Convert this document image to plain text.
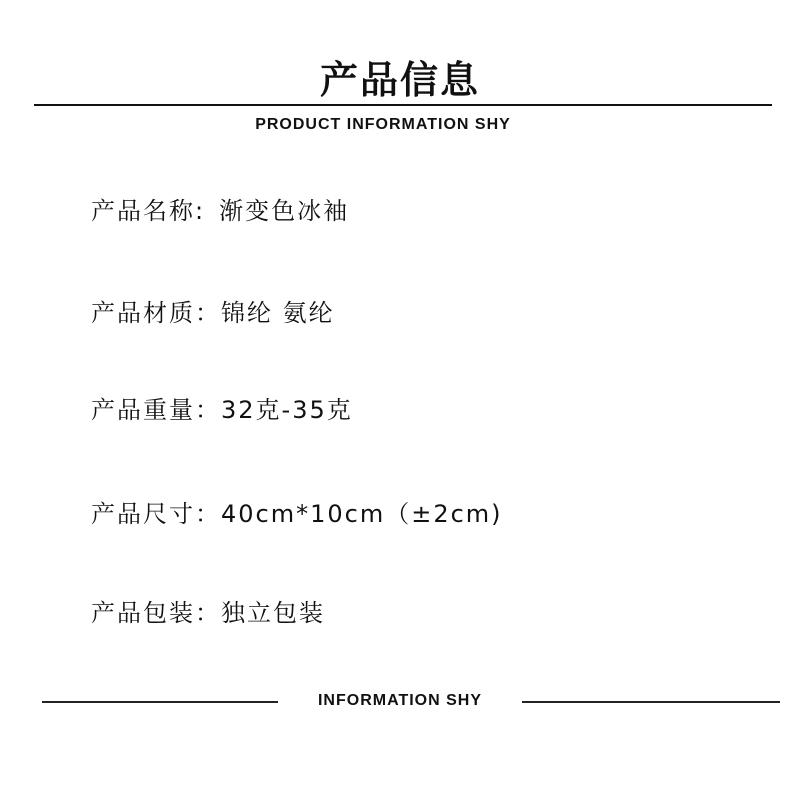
产品信息
PRODUCT INFORMATION SHY
产品名称: 渐变色冰袖
产品材质：锦纶 氨纶
产品重量：32克-35克
产品尺寸：40cm*10cm（±2cm)
产品包装：独立包装
INFORMATION SHY
